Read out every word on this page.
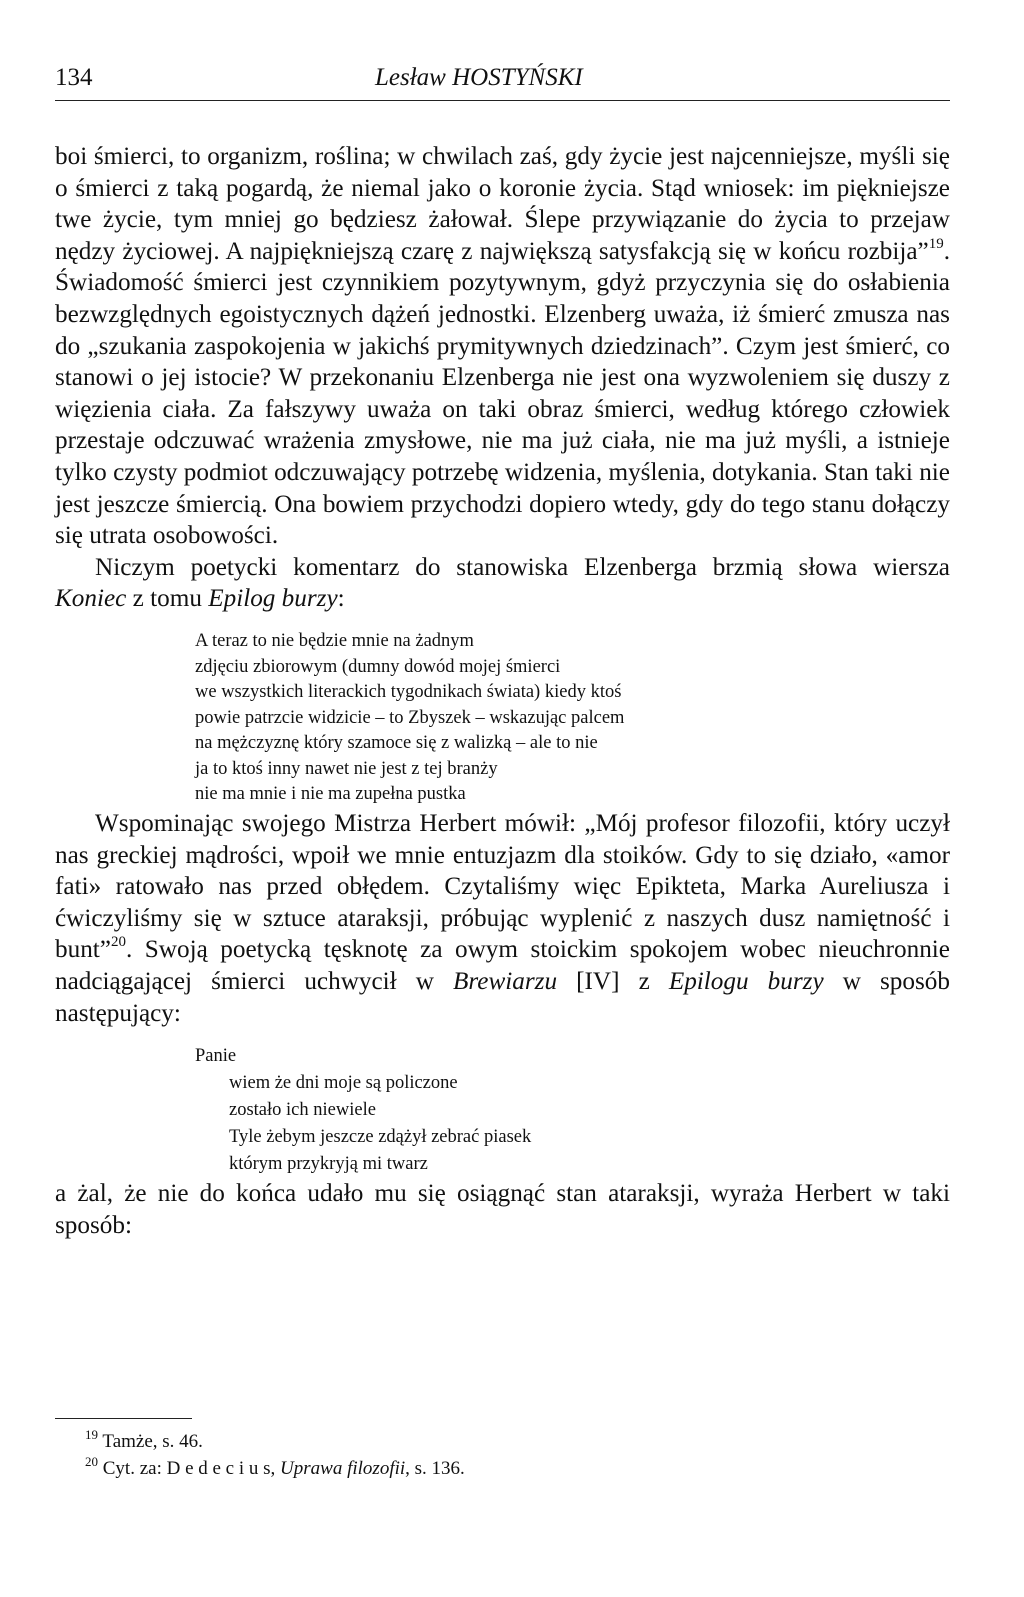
134	Lesław HOSTYŃSKI

boi śmierci, to organizm, roślina; w chwilach zaś, gdy życie jest najcenniejsze, myśli się o śmierci z taką pogardą, że niemal jako o koronie życia. Stąd wniosek: im piękniejsze twe życie, tym mniej go będziesz żałował. Ślepe przywiązanie do życia to przejaw nędzy życiowej. A najpiękniejszą czarę z największą satysfakcją się w końcu rozbija”$^{19}$. Świadomość śmierci jest czynnikiem pozytywnym, gdyż przyczynia się do osłabienia bezwzględnych egoistycznych dążeń jednostki. Elzenberg uważa, iż śmierć zmusza nas do „szukania zaspokojenia w jakichś prymitywnych dziedzinach”. Czym jest śmierć, co stanowi o jej istocie? W przekonaniu Elzenberga nie jest ona wyzwoleniem się duszy z więzienia ciała. Za fałszywy uważa on taki obraz śmierci, według którego człowiek przestaje odczuwać wrażenia zmysłowe, nie ma już ciała, nie ma już myśli, a istnieje tylko czysty podmiot odczuwający potrzebę widzenia, myślenia, dotykania. Stan taki nie jest jeszcze śmiercią. Ona bowiem przychodzi dopiero wtedy, gdy do tego stanu dołączy się utrata osobowości.

Niczym poetycki komentarz do stanowiska Elzenberga brzmią słowa wiersza Koniec z tomu Epilog burzy:

A teraz to nie będzie mnie na żadnym
zdjęciu zbiorowym (dumny dowód mojej śmierci
we wszystkich literackich tygodnikach świata) kiedy ktoś
powie patrzcie widzicie – to Zbyszek – wskazując palcem
na mężczyznę który szamoce się z walizką – ale to nie
ja to ktoś inny nawet nie jest z tej branży
nie ma mnie i nie ma zupełna pustka

Wspominając swojego Mistrza Herbert mówił: „Mój profesor filozofii, który uczył nas greckiej mądrości, wpoił we mnie entuzjazm dla stoików. Gdy to się działo, «amor fati» ratowało nas przed obłędem. Czytaliśmy więc Epikteta, Marka Aureliusza i ćwiczyliśmy się w sztuce ataraksji, próbując wyplenić z naszych dusz namiętność i bunt”$^{20}$. Swoją poetycką tęsknotę za owym stoickim spokojem wobec nieuchronnie nadciągającej śmierci uchwycił w Brewiarzu [IV] z Epilogu burzy w sposób następujący:

Panie
wiem że dni moje są policzone
zostało ich niewiele
Tyle żebym jeszcze zdążył zebrać piasek
którym przykryją mi twarz

a żal, że nie do końca udało mu się osiągnąć stan ataraksji, wyraża Herbert w taki sposób:

$^{19}$ Tamże, s. 46.
$^{20}$ Cyt. za: D e d e c i u s, Uprawa filozofii, s. 136.
